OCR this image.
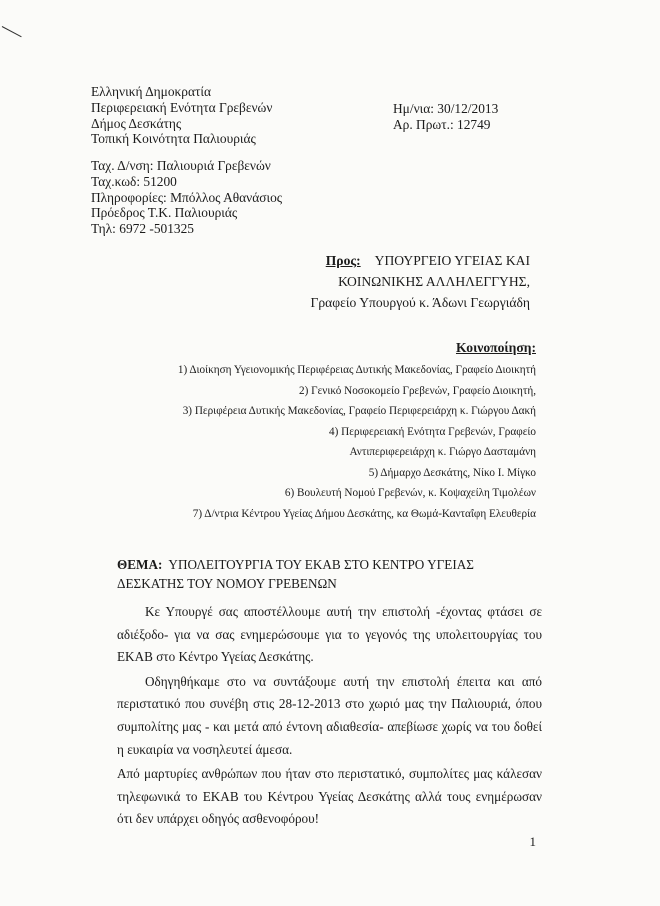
Ελληνική Δημοκρατία
Περιφερειακή Ενότητα Γρεβενών
Δήμος Δεσκάτης
Τοπική Κοινότητα Παλιουριάς
Ημ/νια: 30/12/2013
Αρ. Πρωτ.: 12749
Ταχ. Δ/νση: Παλιουριά Γρεβενών
Ταχ.κωδ: 51200
Πληροφορίες: Μπόλλος Αθανάσιος
Πρόεδρος Τ.Κ. Παλιουριάς
Τηλ: 6972 -501325
Προς: ΥΠΟΥΡΓΕΙΟ ΥΓΕΙΑΣ ΚΑΙ
ΚΟΙΝΩΝΙΚΗΣ ΑΛΛΗΛΕΓΓΥΗΣ,
Γραφείο Υπουργού κ. Άδωνι Γεωργιάδη
Κοινοποίηση:
1) Διοίκηση Υγειονομικής Περιφέρειας Δυτικής Μακεδονίας, Γραφείο Διοικητή
2) Γενικό Νοσοκομείο Γρεβενών, Γραφείο Διοικητή,
3) Περιφέρεια Δυτικής Μακεδονίας, Γραφείο Περιφερειάρχη κ. Γιώργου Δακή
4) Περιφερειακή Ενότητα Γρεβενών, Γραφείο
Αντιπεριφερειάρχη κ. Γιώργο Δασταμάνη
5) Δήμαρχο Δεσκάτης, Νίκο Ι. Μίγκο
6) Βουλευτή Νομού Γρεβενών, κ. Κοψαχείλη Τιμολέων
7) Δ/ντρια Κέντρου Υγείας Δήμου Δεσκάτης, κα Θωμά-Κανταΐφη Ελευθερία
ΘΕΜΑ: ΥΠΟΛΕΙΤΟΥΡΓΙΑ ΤΟΥ ΕΚΑΒ ΣΤΟ ΚΕΝΤΡΟ ΥΓΕΙΑΣ ΔΕΣΚΑΤΗΣ ΤΟΥ ΝΟΜΟΥ ΓΡΕΒΕΝΩΝ

Κε Υπουργέ σας αποστέλλουμε αυτή την επιστολή -έχοντας φτάσει σε αδιέξοδο- για να σας ενημερώσουμε για το γεγονός της υπολειτουργίας του ΕΚΑΒ στο Κέντρο Υγείας Δεσκάτης.

Οδηγηθήκαμε στο να συντάξουμε αυτή την επιστολή έπειτα και από περιστατικό που συνέβη στις 28-12-2013 στο χωριό μας την Παλιουριά, όπου συμπολίτης μας - και μετά από έντονη αδιαθεσία- απεβίωσε χωρίς να του δοθεί η ευκαιρία να νοσηλευτεί άμεσα.

Από μαρτυρίες ανθρώπων που ήταν στο περιστατικό, συμπολίτες μας κάλεσαν τηλεφωνικά το ΕΚΑΒ του Κέντρου Υγείας Δεσκάτης αλλά τους ενημέρωσαν ότι δεν υπάρχει οδηγός ασθενοφόρου!

1
